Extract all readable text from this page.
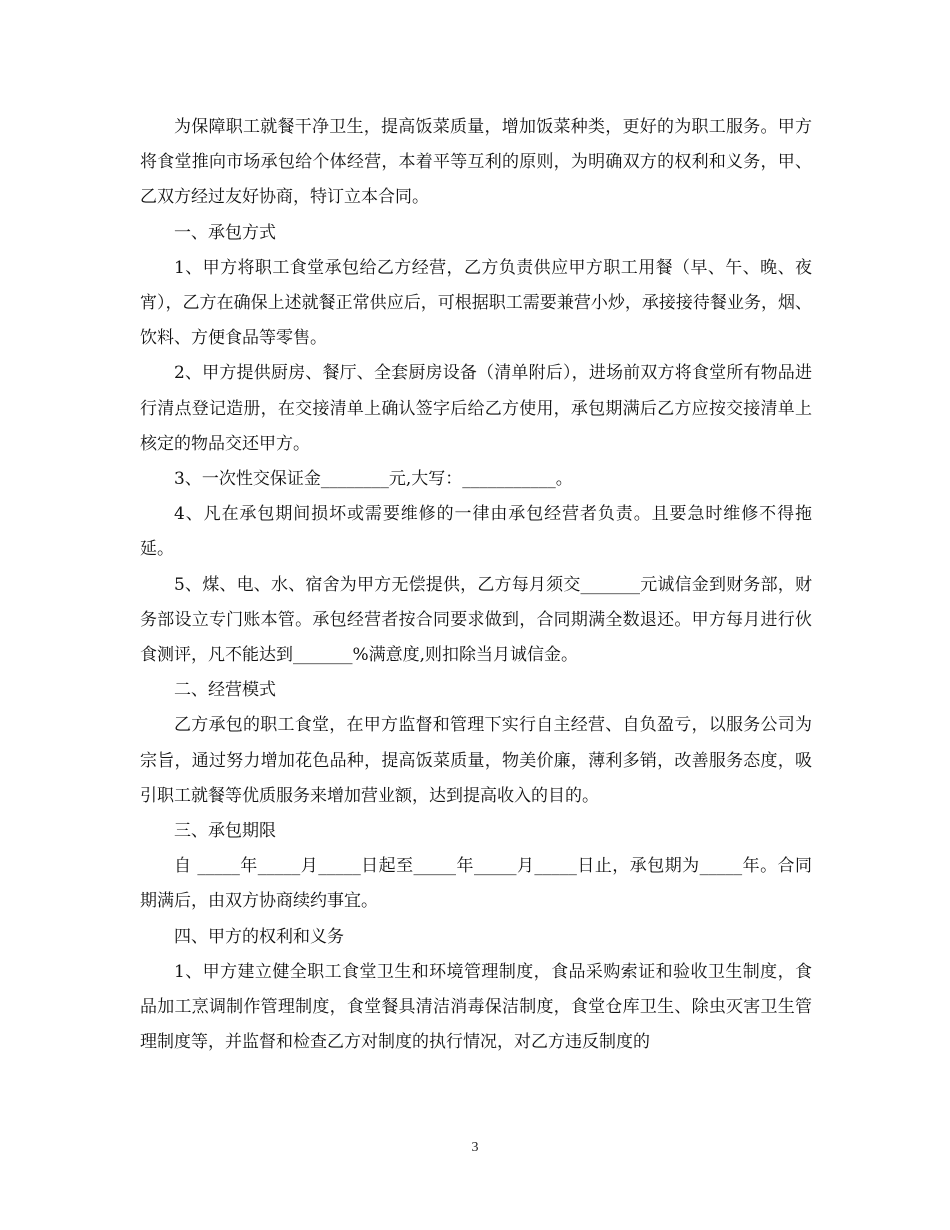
为保障职工就餐干净卫生，提高饭菜质量，增加饭菜种类，更好的为职工服务。甲方将食堂推向市场承包给个体经营，本着平等互利的原则，为明确双方的权利和义务，甲、乙双方经过友好协商，特订立本合同。

一、承包方式

1、甲方将职工食堂承包给乙方经营，乙方负责供应甲方职工用餐（早、午、晚、夜宵），乙方在确保上述就餐正常供应后，可根据职工需要兼营小炒，承接接待餐业务，烟、饮料、方便食品等零售。

2、甲方提供厨房、餐厅、全套厨房设备（清单附后），进场前双方将食堂所有物品进行清点登记造册，在交接清单上确认签字后给乙方使用，承包期满后乙方应按交接清单上核定的物品交还甲方。

3、一次性交保证金________元,大写：___________。

4、凡在承包期间损坏或需要维修的一律由承包经营者负责。且要急时维修不得拖延。

5、煤、电、水、宿舍为甲方无偿提供，乙方每月须交_______元诚信金到财务部，财务部设立专门账本管。承包经营者按合同要求做到，合同期满全数退还。甲方每月进行伙食测评，凡不能达到_______%满意度,则扣除当月诚信金。

二、经营模式

乙方承包的职工食堂，在甲方监督和管理下实行自主经营、自负盈亏，以服务公司为宗旨，通过努力增加花色品种，提高饭菜质量，物美价廉，薄利多销，改善服务态度，吸引职工就餐等优质服务来增加营业额，达到提高收入的目的。

三、承包期限

自 _____年_____月_____日起至_____年_____月_____日止，承包期为_____年。合同期满后，由双方协商续约事宜。

四、甲方的权利和义务

1、甲方建立健全职工食堂卫生和环境管理制度，食品采购索证和验收卫生制度，食品加工烹调制作管理制度，食堂餐具清洁消毒保洁制度，食堂仓库卫生、除虫灭害卫生管理制度等，并监督和检查乙方对制度的执行情况，对乙方违反制度的

3
